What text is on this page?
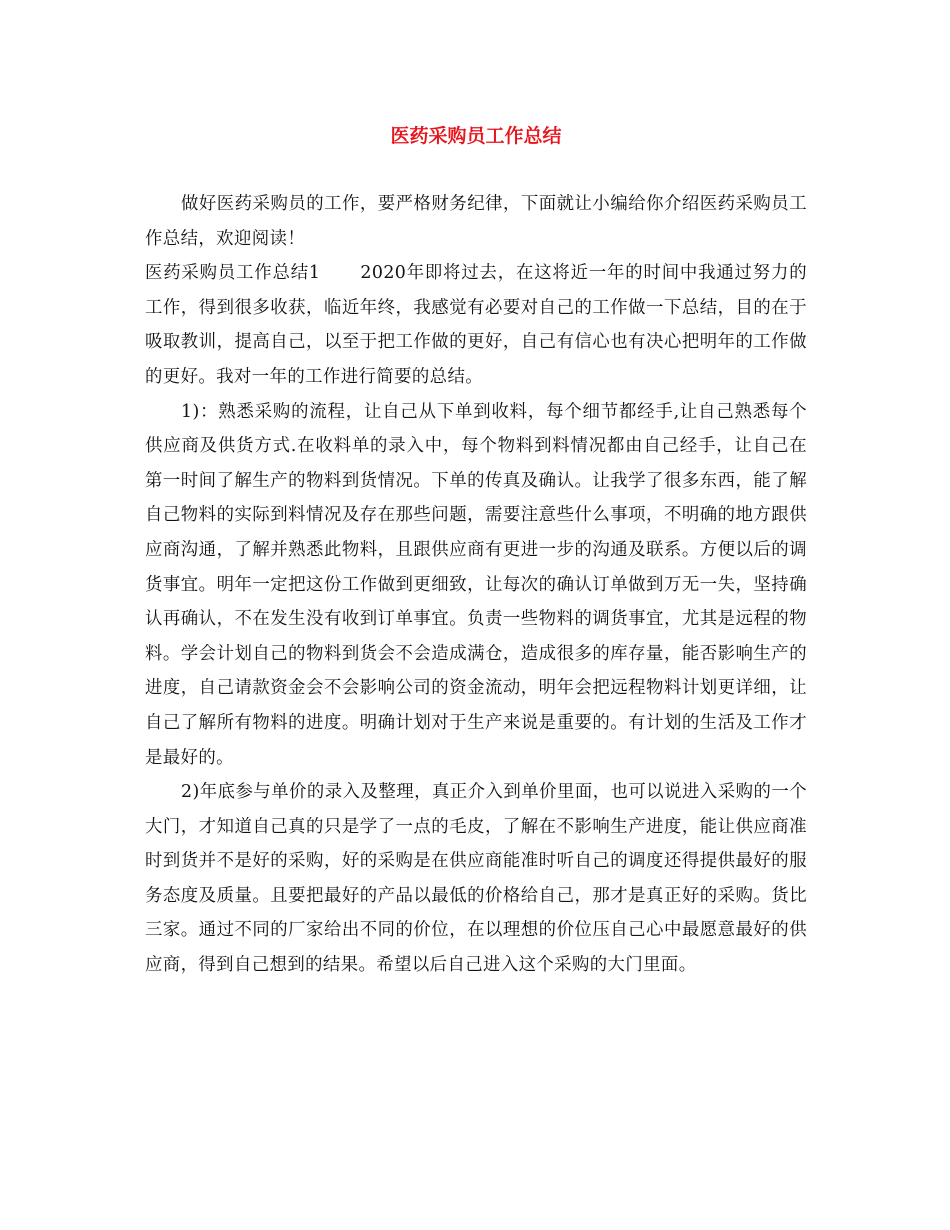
医药采购员工作总结

做好医药采购员的工作，要严格财务纪律，下面就让小编给你介绍医药采购员工作总结，欢迎阅读！

医药采购员工作总结1 2020年即将过去，在这将近一年的时间中我通过努力的工作，得到很多收获，临近年终，我感觉有必要对自己的工作做一下总结，目的在于吸取教训，提高自己，以至于把工作做的更好，自己有信心也有决心把明年的工作做的更好。我对一年的工作进行简要的总结。

1)：熟悉采购的流程，让自己从下单到收料，每个细节都经手,让自己熟悉每个供应商及供货方式.在收料单的录入中，每个物料到料情况都由自己经手，让自己在第一时间了解生产的物料到货情况。下单的传真及确认。让我学了很多东西，能了解自己物料的实际到料情况及存在那些问题，需要注意些什么事项，不明确的地方跟供应商沟通，了解并熟悉此物料，且跟供应商有更进一步的沟通及联系。方便以后的调货事宜。明年一定把这份工作做到更细致，让每次的确认订单做到万无一失，坚持确认再确认，不在发生没有收到订单事宜。负责一些物料的调货事宜，尤其是远程的物料。学会计划自己的物料到货会不会造成满仓，造成很多的库存量，能否影响生产的进度，自己请款资金会不会影响公司的资金流动，明年会把远程物料计划更详细，让自己了解所有物料的进度。明确计划对于生产来说是重要的。有计划的生活及工作才是最好的。

2)年底参与单价的录入及整理，真正介入到单价里面，也可以说进入采购的一个大门，才知道自己真的只是学了一点的毛皮，了解在不影响生产进度，能让供应商准时到货并不是好的采购，好的采购是在供应商能准时听自己的调度还得提供最好的服务态度及质量。且要把最好的产品以最低的价格给自己，那才是真正好的采购。货比三家。通过不同的厂家给出不同的价位，在以理想的价位压自己心中最愿意最好的供应商，得到自己想到的结果。希望以后自己进入这个采购的大门里面。
